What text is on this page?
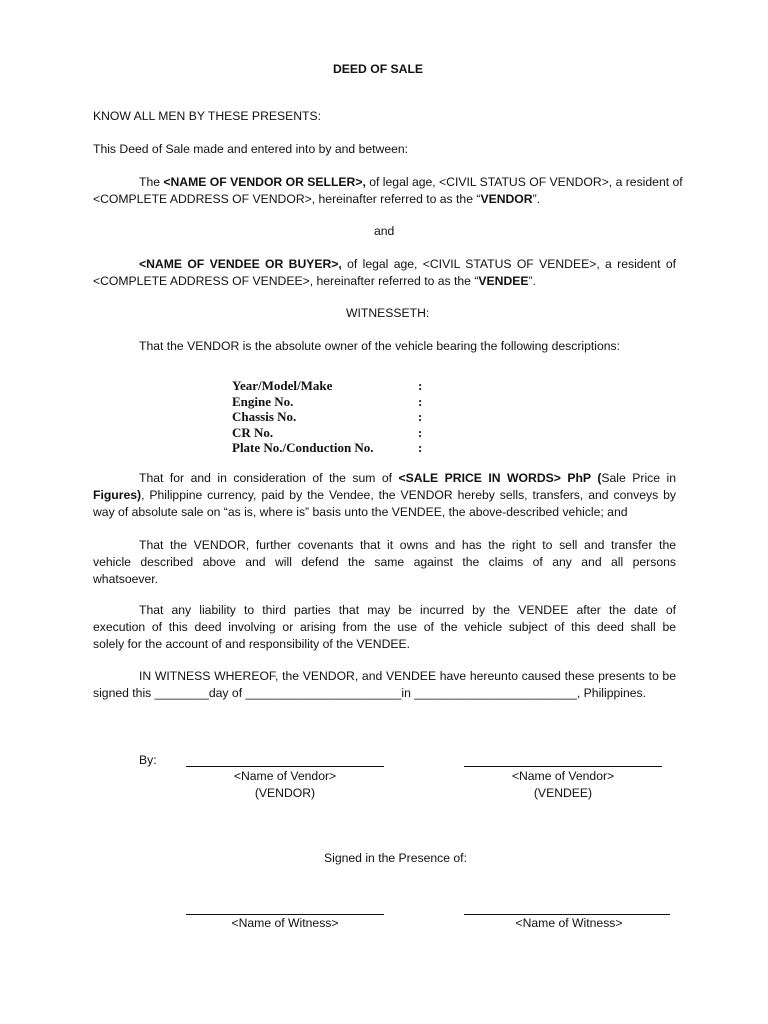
DEED OF SALE
KNOW ALL MEN BY THESE PRESENTS:
This Deed of Sale made and entered into by and between:
The <NAME OF VENDOR OR SELLER>, of legal age, <CIVIL STATUS OF VENDOR>, a resident of
<COMPLETE ADDRESS OF VENDOR>, hereinafter referred to as the “VENDOR”.
and
<NAME OF VENDEE OR BUYER>, of legal age, <CIVIL STATUS OF VENDEE>, a resident of
<COMPLETE ADDRESS OF VENDEE>, hereinafter referred to as the “VENDEE”.
WITNESSETH:
That the VENDOR is the absolute owner of the vehicle bearing the following descriptions:
Year/Model/Make	:
Engine No.	:
Chassis No.	:
CR No.	:
Plate No./Conduction No.	:
That for and in consideration of the sum of <SALE PRICE IN WORDS> PhP (Sale Price in
Figures), Philippine currency, paid by the Vendee, the VENDOR hereby sells, transfers, and conveys by
way of absolute sale on “as is, where is” basis unto the VENDEE, the above-described vehicle; and
That the VENDOR, further covenants that it owns and has the right to sell and transfer the
vehicle described above and will defend the same against the claims of any and all persons
whatsoever.
That any liability to third parties that may be incurred by the VENDEE after the date of
execution of this deed involving or arising from the use of the vehicle subject of this deed shall be
solely for the account of and responsibility of the VENDEE.
IN WITNESS WHEREOF, the VENDOR, and VENDEE have hereunto caused these presents to be
signed this ________day of _______________________in ________________________, Philippines.
By:
<Name of Vendor>
(VENDOR)
<Name of Vendor>
(VENDEE)
Signed in the Presence of:
<Name of Witness>	<Name of Witness>
